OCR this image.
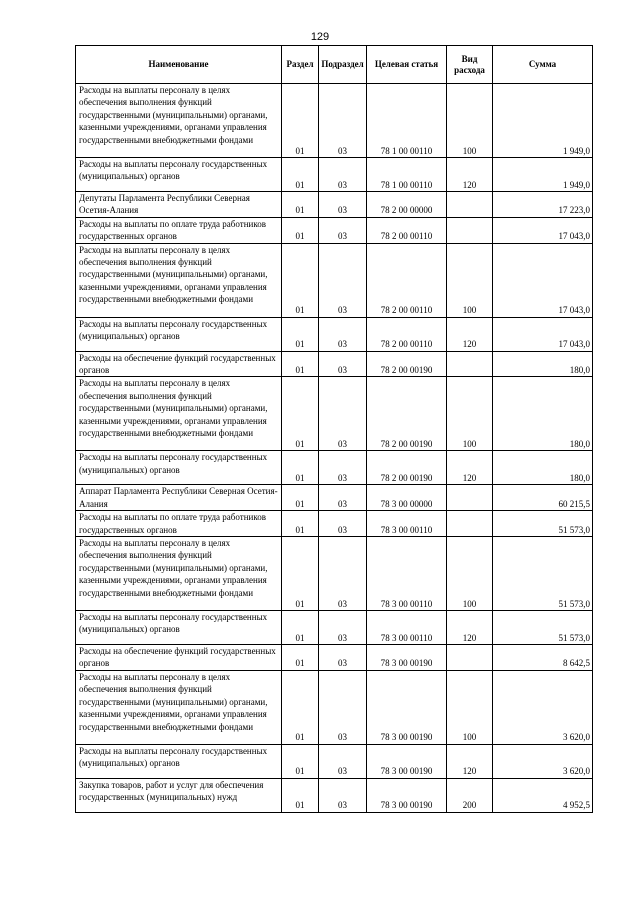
129
Наименование	Раздел	Подраздел	Целевая статья	Вид расхода	Сумма
Расходы на выплаты персоналу в целях обеспечения выполнения функций государственными (муниципальными) органами, казенными учреждениями, органами управления государственными внебюджетными фондами	01	03	78 1 00 00110	100	1 949,0
Расходы на выплаты персоналу государственных (муниципальных) органов	01	03	78 1 00 00110	120	1 949,0
Депутаты Парламента Республики Северная Осетия-Алания	01	03	78 2 00 00000		17 223,0
Расходы на выплаты по оплате труда работников государственных органов	01	03	78 2 00 00110		17 043,0
Расходы на выплаты персоналу в целях обеспечения выполнения функций государственными (муниципальными) органами, казенными учреждениями, органами управления государственными внебюджетными фондами	01	03	78 2 00 00110	100	17 043,0
Расходы на выплаты персоналу государственных (муниципальных) органов	01	03	78 2 00 00110	120	17 043,0
Расходы на обеспечение функций государственных органов	01	03	78 2 00 00190		180,0
Расходы на выплаты персоналу в целях обеспечения выполнения функций государственными (муниципальными) органами, казенными учреждениями, органами управления государственными внебюджетными фондами	01	03	78 2 00 00190	100	180,0
Расходы на выплаты персоналу государственных (муниципальных) органов	01	03	78 2 00 00190	120	180,0
Аппарат Парламента Республики Северная Осетия-Алания	01	03	78 3 00 00000		60 215,5
Расходы на выплаты по оплате труда работников государственных органов	01	03	78 3 00 00110		51 573,0
Расходы на выплаты персоналу в целях обеспечения выполнения функций государственными (муниципальными) органами, казенными учреждениями, органами управления государственными внебюджетными фондами	01	03	78 3 00 00110	100	51 573,0
Расходы на выплаты персоналу государственных (муниципальных) органов	01	03	78 3 00 00110	120	51 573,0
Расходы на обеспечение функций государственных органов	01	03	78 3 00 00190		8 642,5
Расходы на выплаты персоналу в целях обеспечения выполнения функций государственными (муниципальными) органами, казенными учреждениями, органами управления государственными внебюджетными фондами	01	03	78 3 00 00190	100	3 620,0
Расходы на выплаты персоналу государственных (муниципальных) органов	01	03	78 3 00 00190	120	3 620,0
Закупка товаров, работ и услуг для обеспечения государственных (муниципальных) нужд	01	03	78 3 00 00190	200	4 952,5
